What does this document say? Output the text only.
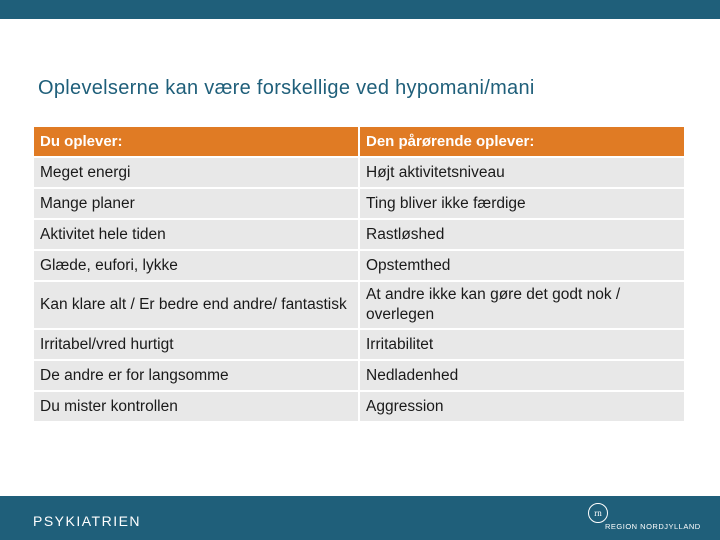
Oplevelserne kan være forskellige ved hypomani/mani
Du oplever:	Den pårørende oplever:
Meget energi	Højt aktivitetsniveau
Mange planer	Ting bliver ikke færdige
Aktivitet hele tiden	Rastløshed
Glæde, eufori, lykke	Opstemthed
Kan klare alt / Er bedre end andre/ fantastisk	At andre ikke kan gøre det godt nok / overlegen
Irritabel/vred hurtigt	Irritabilitet
De andre er for langsomme	Nedladenhed
Du mister kontrollen	Aggression
PSYKIATRIEN	rn
REGION NORDJYLLAND
